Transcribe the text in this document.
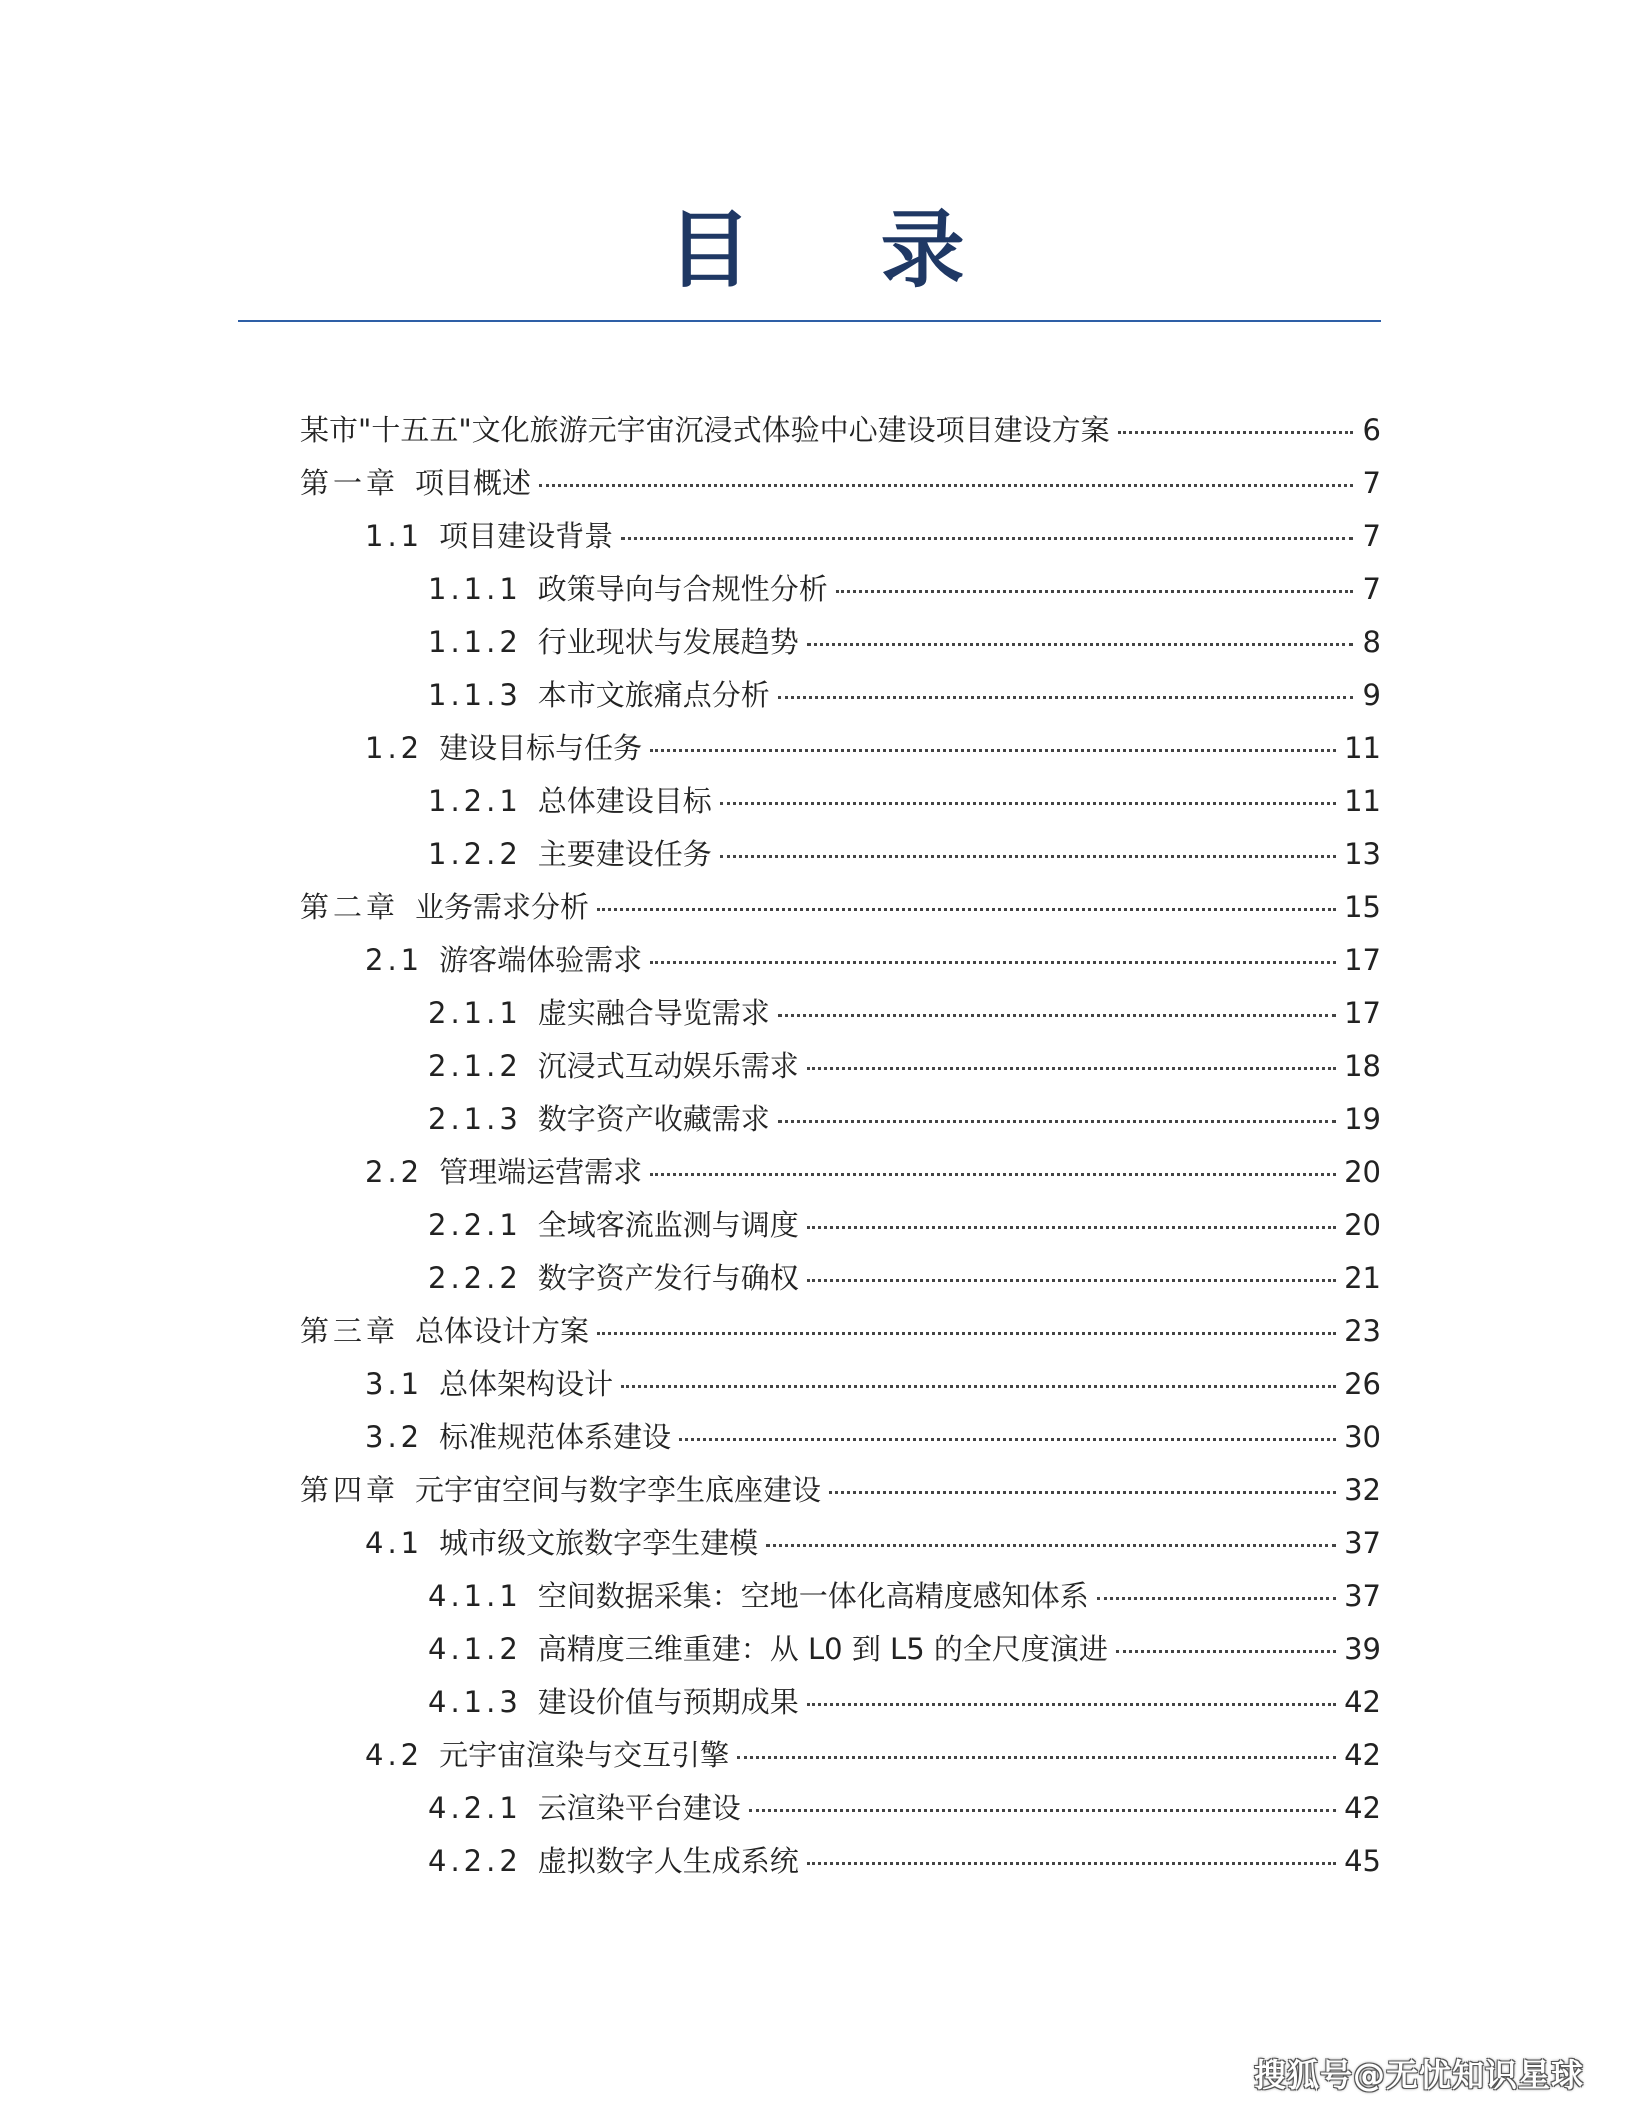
目 录
某市"十五五"文化旅游元宇宙沉浸式体验中心建设项目建设方案	6
第一章 项目概述	7
1.1 项目建设背景	7
1.1.1 政策导向与合规性分析	7
1.1.2 行业现状与发展趋势	8
1.1.3 本市文旅痛点分析	9
1.2 建设目标与任务	11
1.2.1 总体建设目标	11
1.2.2 主要建设任务	13
第二章 业务需求分析	15
2.1 游客端体验需求	17
2.1.1 虚实融合导览需求	17
2.1.2 沉浸式互动娱乐需求	18
2.1.3 数字资产收藏需求	19
2.2 管理端运营需求	20
2.2.1 全域客流监测与调度	20
2.2.2 数字资产发行与确权	21
第三章 总体设计方案	23
3.1 总体架构设计	26
3.2 标准规范体系建设	30
第四章 元宇宙空间与数字孪生底座建设	32
4.1 城市级文旅数字孪生建模	37
4.1.1 空间数据采集：空地一体化高精度感知体系	37
4.1.2 高精度三维重建：从 L0 到 L5 的全尺度演进	39
4.1.3 建设价值与预期成果	42
4.2 元宇宙渲染与交互引擎	42
4.2.1 云渲染平台建设	42
4.2.2 虚拟数字人生成系统	45
搜狐号@无忧知识星球
